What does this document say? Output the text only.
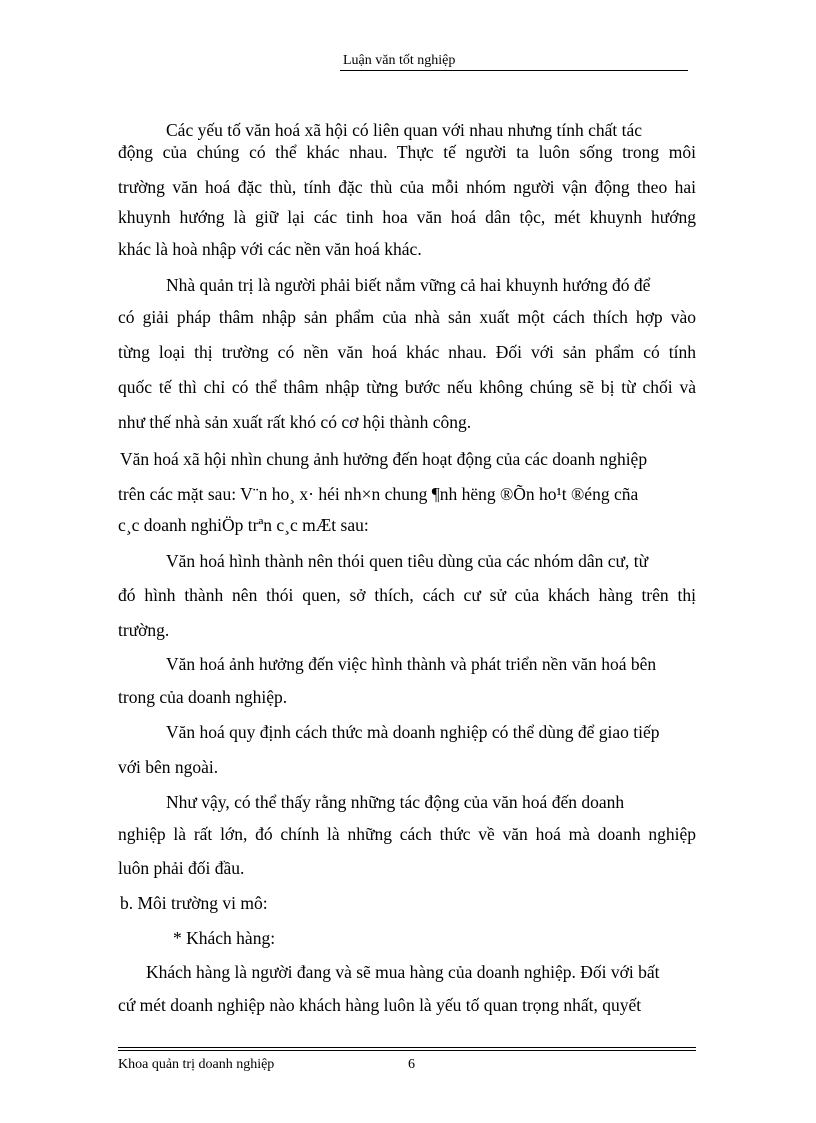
Luận văn tốt nghiệp
Các yếu tố văn hoá xã hội có liên quan với nhau nhưng tính chất tác
động của chúng có thể khác nhau. Thực tế người ta luôn sống trong môi
trường văn hoá đặc thù, tính đặc thù của mỗi nhóm người vận động theo hai
khuynh hướng là giữ lại các tinh hoa văn hoá dân tộc, mét khuynh hướng
khác là hoà nhập với các nền văn hoá khác.
Nhà quản trị là người phải biết nắm vững cả hai khuynh hướng đó để
có giải pháp thâm nhập sản phẩm của nhà sản xuất một cách thích hợp vào
từng loại thị trường có nền văn hoá khác nhau. Đối với sản phẩm có tính
quốc tế thì chỉ có thể thâm nhập từng bước nếu không chúng sẽ bị từ chối và
như thế nhà sản xuất rất khó có cơ hội thành công.
Văn hoá xã hội nhìn chung ảnh hưởng đến hoạt động của các doanh nghiệp
trên các mặt sau: V¨n ho¸ x· héi nh×n chung ¶nh hëng ®Õn ho¹t ®éng cña
c¸c doanh nghiÖp trªn c¸c mÆt sau:
Văn hoá hình thành nên thói quen tiêu dùng của các nhóm dân cư, từ
đó hình thành nên thói quen, sở thích, cách cư sử của khách hàng trên thị
trường.
Văn hoá ảnh hưởng đến việc hình thành và phát triển nền văn hoá bên
trong của doanh nghiệp.
Văn hoá quy định cách thức mà doanh nghiệp có thể dùng để giao tiếp
với bên ngoài.
Như vậy, có thể thấy rằng những tác động của văn hoá đến doanh
nghiệp là rất lớn, đó chính là những cách thức về văn hoá mà doanh nghiệp
luôn phải đối đầu.
b. Môi trường vi mô:
* Khách hàng:
Khách hàng là người đang và sẽ mua hàng của doanh nghiệp. Đối với bất
cứ mét doanh nghiệp nào khách hàng luôn là yếu tố quan trọng nhất, quyết
Khoa quản trị doanh nghiệp	6
